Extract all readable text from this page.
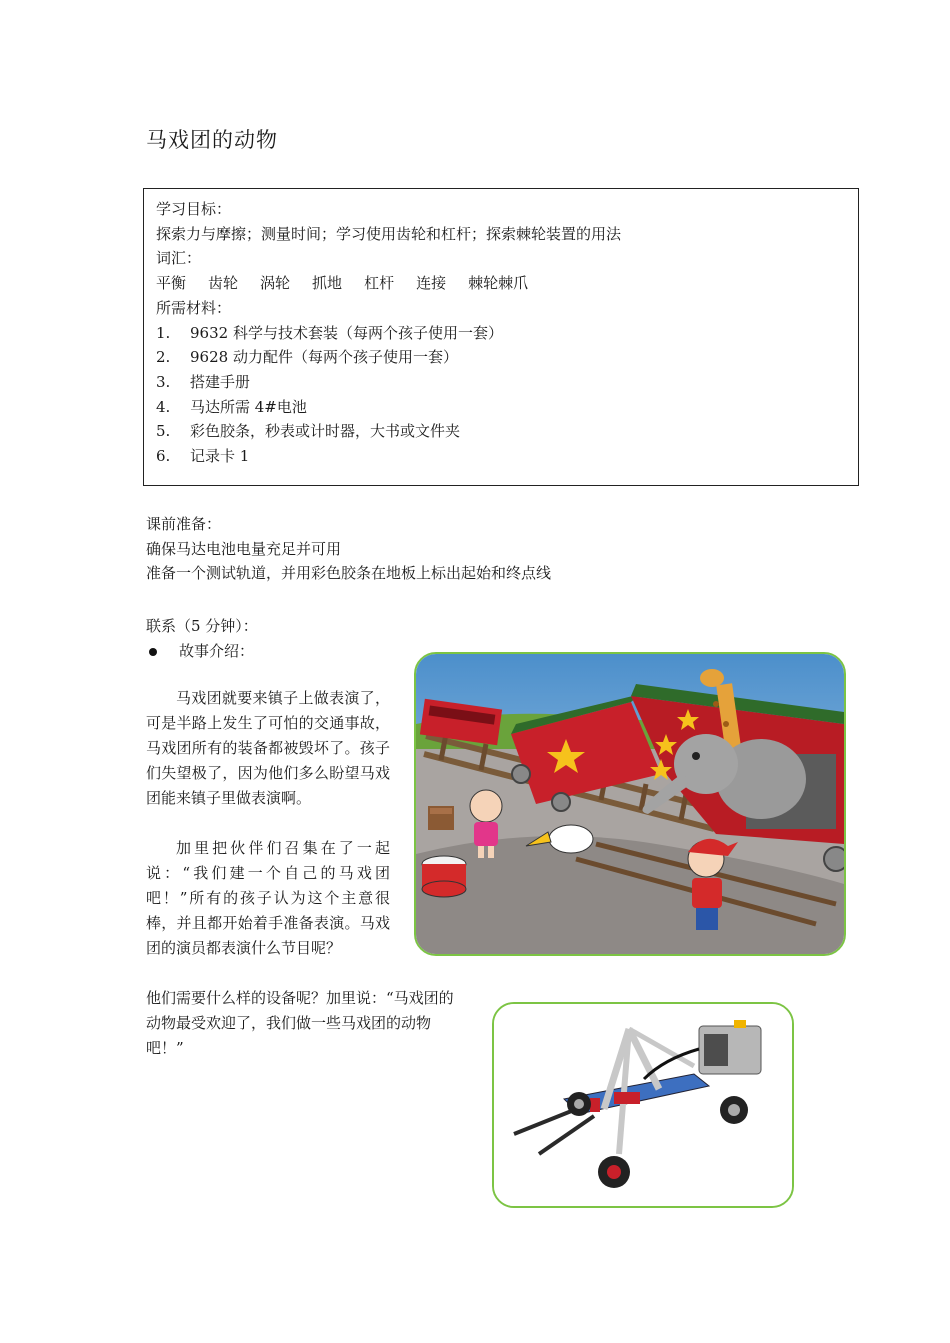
马戏团的动物
学习目标：
探索力与摩擦；测量时间；学习使用齿轮和杠杆；探索棘轮装置的用法
词汇：
平衡 齿轮 涡轮 抓地 杠杆 连接 棘轮棘爪
所需材料：
1. 9632 科学与技术套装（每两个孩子使用一套）
2. 9628 动力配件（每两个孩子使用一套）
3. 搭建手册
4. 马达所需 4#电池
5. 彩色胶条，秒表或计时器，大书或文件夹
6. 记录卡 1
课前准备：
确保马达电池电量充足并可用
准备一个测试轨道，并用彩色胶条在地板上标出起始和终点线
联系（5 分钟）：
故事介绍：

马戏团就要来镇子上做表演了，可是半路上发生了可怕的交通事故，马戏团所有的装备都被毁坏了。孩子们失望极了，因为他们多么盼望马戏团能来镇子里做表演啊。

加里把伙伴们召集在了一起说：“我们建一个自己的马戏团吧！”所有的孩子认为这个主意很棒，并且都开始着手准备表演。马戏团的演员都表演什么节目呢？

他们需要什么样的设备呢？加里说：“马戏团的动物最受欢迎了，我们做一些马戏团的动物吧！”
